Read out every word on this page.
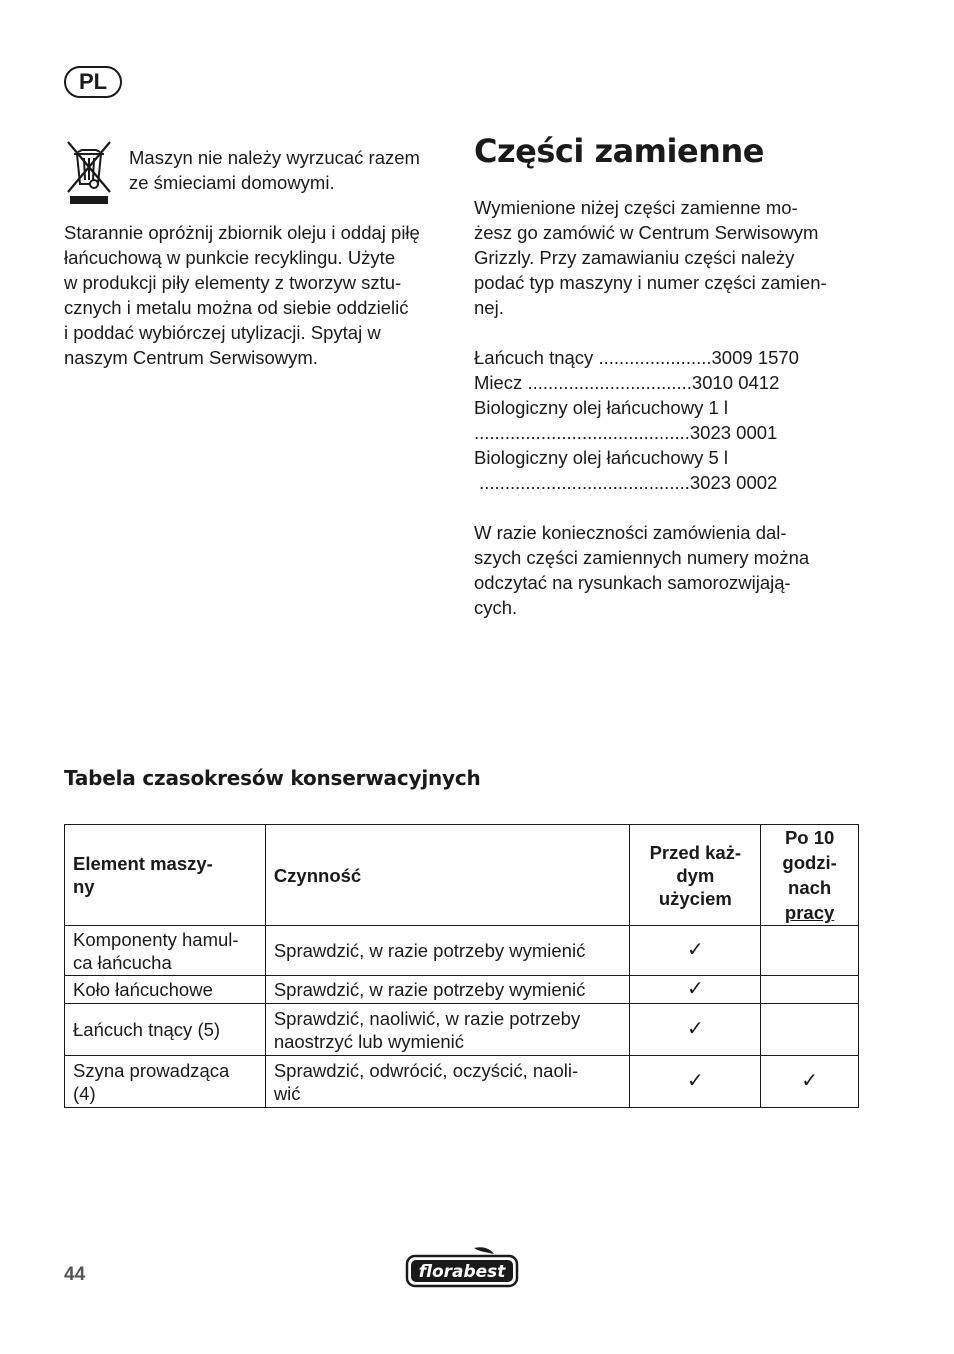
PL
Maszyn nie należy wyrzucać razem
ze śmieciami domowymi.
Starannie opróżnij zbiornik oleju i oddaj piłę
łańcuchową w punkcie recyklingu. Użyte
w produkcji piły elementy z tworzyw sztu-
cznych i metalu można od siebie oddzielić
i poddać wybiórczej utylizacji. Spytaj w
naszym Centrum Serwisowym.
Części zamienne
Wymienione niżej części zamienne mo-
żesz go zamówić w Centrum Serwisowym
Grizzly. Przy zamawianiu części należy
podać typ maszyny i numer części zamien-
nej.
Łańcuch tnący ......................3009 1570
Miecz ................................3010 0412
Biologiczny olej łańcuchowy 1 l
..........................................3023 0001
Biologiczny olej łańcuchowy 5 l
.........................................3023 0002
W razie konieczności zamówienia dal-
szych części zamiennych numery można
odczytać na rysunkach samorozwijają-
cych.
Tabela czasokresów konserwacyjnych
Element maszy-
ny	Czynność	Przed każ-
dym
użyciem	Po 10
godzi-
nach
pracy

Komponenty hamul-
ca łańcucha	Sprawdzić, w razie potrzeby wymienić	✓	

Koło łańcuchowe	Sprawdzić, w razie potrzeby wymienić	✓	

Łańcuch tnący (5)	Sprawdzić, naoliwić, w razie potrzeby
naostrzyć lub wymienić	✓	

Szyna prowadząca
(4)	Sprawdzić, odwrócić, oczyścić, naoli-
wić	✓	✓
44	florabest
